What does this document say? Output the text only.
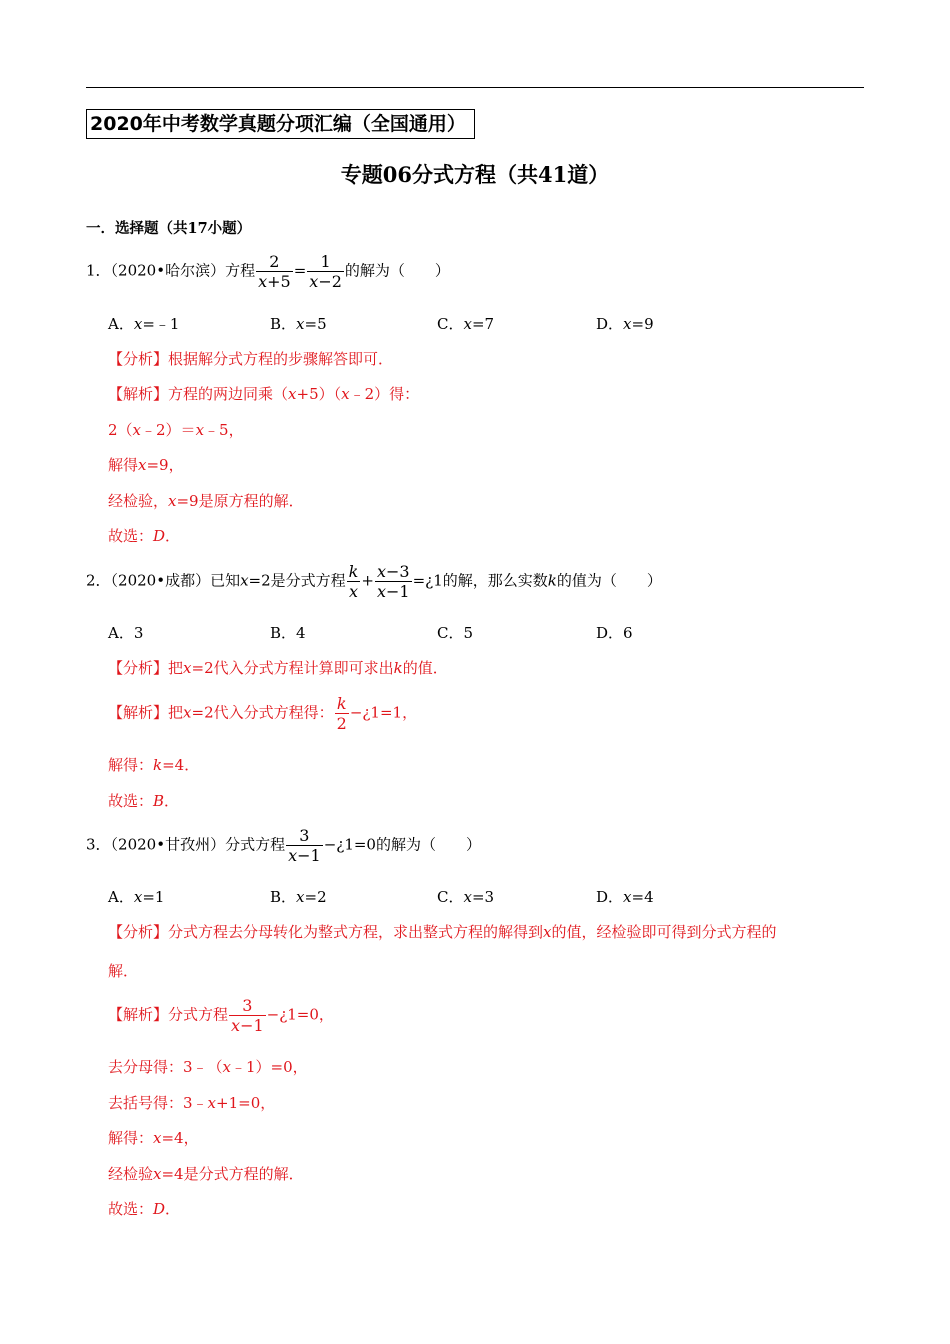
2020年中考数学真题分项汇编（全国通用）
专题06分式方程（共41道）
一．选择题（共17小题）
1．（2020•哈尔滨）方程 $\frac{2}{x+5} = \frac{1}{x-2}$ 的解为（　　）
A．x=﹣1	B．x=5	C．x=7	D．x=9
【分析】根据解分式方程的步骤解答即可．
【解析】方程的两边同乘（x+5）（x﹣2）得：
2（x﹣2）＝x﹣5，
解得x=9，
经检验，x=9是原方程的解．
故选：D．
2．（2020•成都）已知x=2是分式方程 $\frac{k}{x} + \frac{x-3}{x-1}$ =¿1的解，那么实数k的值为（　　）
A．3	B．4	C．5	D．6
【分析】把x=2代入分式方程计算即可求出k的值．
【解析】把x=2代入分式方程得： $\frac{k}{2}$ −¿1=1，
解得：k=4．
故选：B．
3．（2020•甘孜州）分式方程 $\frac{3}{x-1}$ −¿1=0的解为（　　）
A．x=1	B．x=2	C．x=3	D．x=4
【分析】分式方程去分母转化为整式方程，求出整式方程的解得到x的值，经检验即可得到分式方程的
解．
【解析】分式方程 $\frac{3}{x-1}$ −¿1=0，
去分母得：3﹣（x﹣1）=0，
去括号得：3﹣x+1=0，
解得：x=4，
经检验x=4是分式方程的解．
故选：D．
